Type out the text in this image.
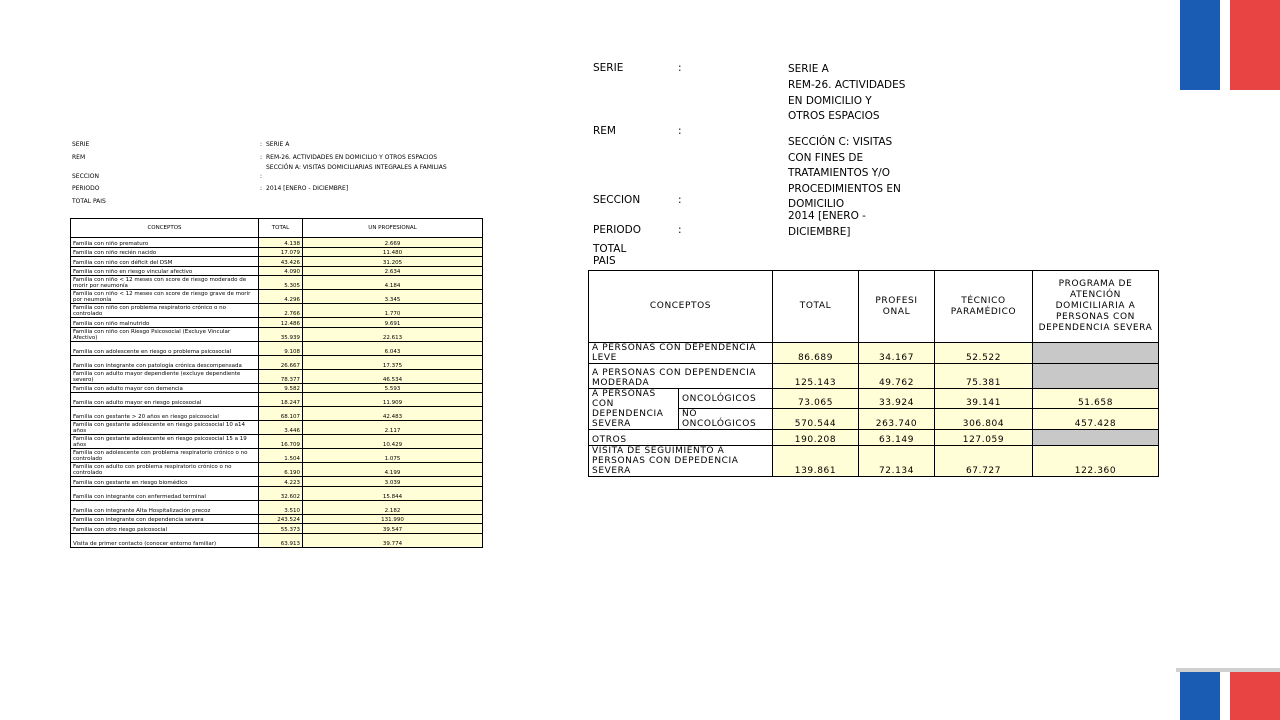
SERIE	: SERIE A
REM	: REM-26. ACTIVIDADES EN DOMICILIO Y OTROS ESPACIOS
SECCION	:
SECCIÓN A: VISITAS DOMICILIARIAS INTEGRALES A FAMILIAS
PERIODO	: 2014 [ENERO - DICIEMBRE]
TOTAL PAIS
CONCEPTOS	TOTAL	UN PROFESIONAL
Familia con niño prematuro	4.138	2.669
Familia con niño recién nacido	17.079	11.480
Familia con niño con déficit del DSM	43.426	31.205
Familia con niño en riesgo vincular afectivo	4.090	2.634
Familia con niño < 12 meses con score de riesgo moderado de morir por neumonía	5.305	4.184
Familia con niño < 12 meses con score de riesgo grave de morir por neumonía	4.296	3.345
Familia con niño con problema respiratorio crónico o no controlado	2.766	1.770
Familia con niño malnutrido	12.486	9.691
Familia con niño con Riesgo Psicosocial (Excluye Vincular Afectivo)	35.939	22.613
Familia con adolescente en riesgo o problema psicosocial	9.108	6.043
Familia con integrante con patología crónica descompensada	26.667	17.375
Familia con adulto mayor dependiente (excluye dependiente severo)	78.377	46.534
Familia con adulto mayor con demencia	9.582	5.593
Familia con adulto mayor en riesgo psicosocial	18.247	11.909
Familia con gestante > 20 años en riesgo psicosocial	68.107	42.483
Familia con gestante adolescente en riesgo psicosocial 10 a14 años	3.446	2.117
Familia con gestante adolescente en riesgo psicosocial 15 a 19 años	16.709	10.429
Familia con adolescente con problema respiratorio crónico o no controlado	1.504	1.075
Familia con adulto con problema respiratorio crónico o no controlado	6.190	4.199
Familia con gestante en riesgo biomédico	4.223	3.039
Familia con integrante con enfermedad terminal	32.602	15.844
Familia con integrante Alta Hospitalización precoz	3.510	2.182
Familia con integrante con dependencia severa	243.524	131.990
Familia con otro riesgo psicosocial	55.373	39.547
Visita de primer contacto (conocer entorno familiar)	63.913	39.774
SERIE	:	SERIE A
REM-26. ACTIVIDADES EN DOMICILIO Y OTROS ESPACIOS
REM	:
SECCIÓN C: VISITAS CON FINES DE TRATAMIENTOS Y/O PROCEDIMIENTOS EN DOMICILIO
SECCION	:
2014 [ENERO - DICIEMBRE]
PERIODO	:
TOTAL PAIS
CONCEPTOS		TOTAL	PROFESI ONAL	TÉCNICO PARAMÉDICO	PROGRAMA DE ATENCIÓN DOMICILIARIA A PERSONAS CON DEPENDENCIA SEVERA
A PERSONAS CON DEPENDENCIA LEVE		86.689	34.167	52.522	
A PERSONAS CON DEPENDENCIA MODERADA		125.143	49.762	75.381	
A PERSONAS CON DEPENDENCIA SEVERA	ONCOLÓGICOS	73.065	33.924	39.141	51.658
	NO ONCOLÓGICOS	570.544	263.740	306.804	457.428
OTROS		190.208	63.149	127.059	
VISITA DE SEGUIMIENTO A PERSONAS CON DEPEDENCIA SEVERA		139.861	72.134	67.727	122.360
